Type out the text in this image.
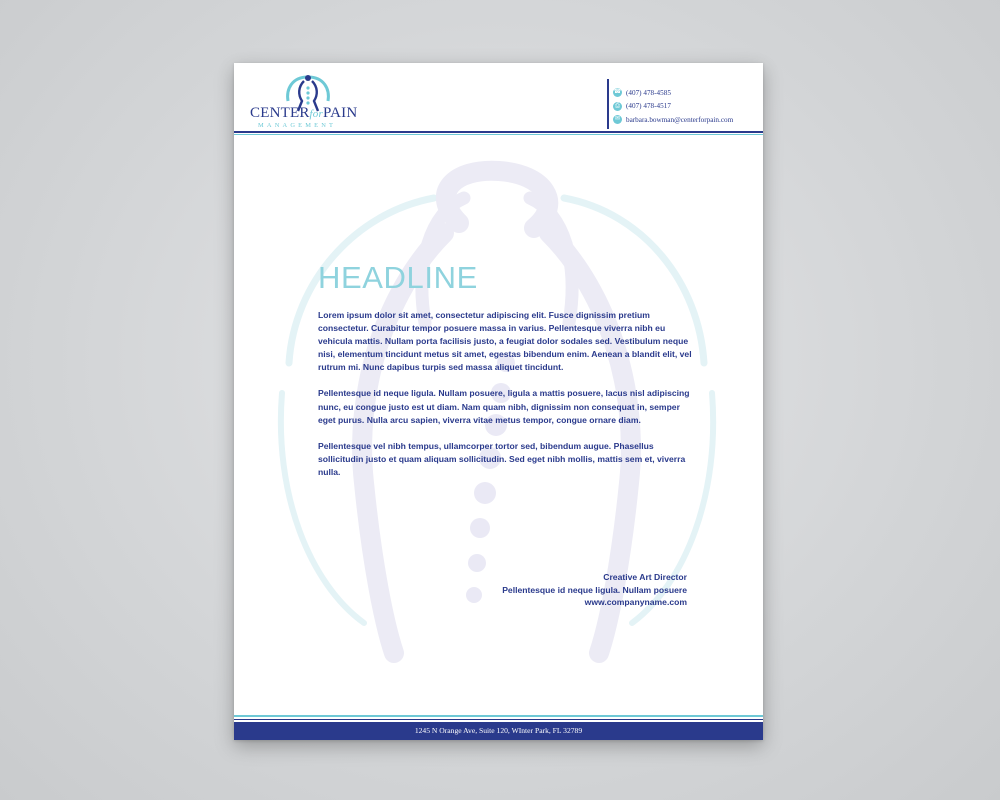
CENTERforPAIN
MANAGEMENT
☎ (407) 478-4585
⎙ (407) 478-4517
✉ barbara.bowman@centerforpain.com
HEADLINE

Lorem ipsum dolor sit amet, consectetur adipiscing elit. Fusce dignissim pretium consectetur. Curabitur tempor posuere massa in varius. Pellentesque viverra nibh eu vehicula mattis. Nullam porta facilisis justo, a feugiat dolor sodales sed. Vestibulum neque nisi, elementum tincidunt metus sit amet, egestas bibendum enim. Aenean a blandit elit, vel rutrum mi. Nunc dapibus turpis sed massa aliquet tincidunt.

Pellentesque id neque ligula. Nullam posuere, ligula a mattis posuere, lacus nisl adipiscing nunc, eu congue justo est ut diam. Nam quam nibh, dignissim non consequat in, semper eget purus. Nulla arcu sapien, viverra vitae metus tempor, congue ornare diam.

Pellentesque vel nibh tempus, ullamcorper tortor sed, bibendum augue. Phasellus sollicitudin justo et quam aliquam sollicitudin. Sed eget nibh mollis, mattis sem et, viverra nulla.

Creative Art Director
Pellentesque id neque ligula. Nullam posuere
www.companyname.com
1245 N Orange Ave, Suite 120, WInter Park, FL 32789
